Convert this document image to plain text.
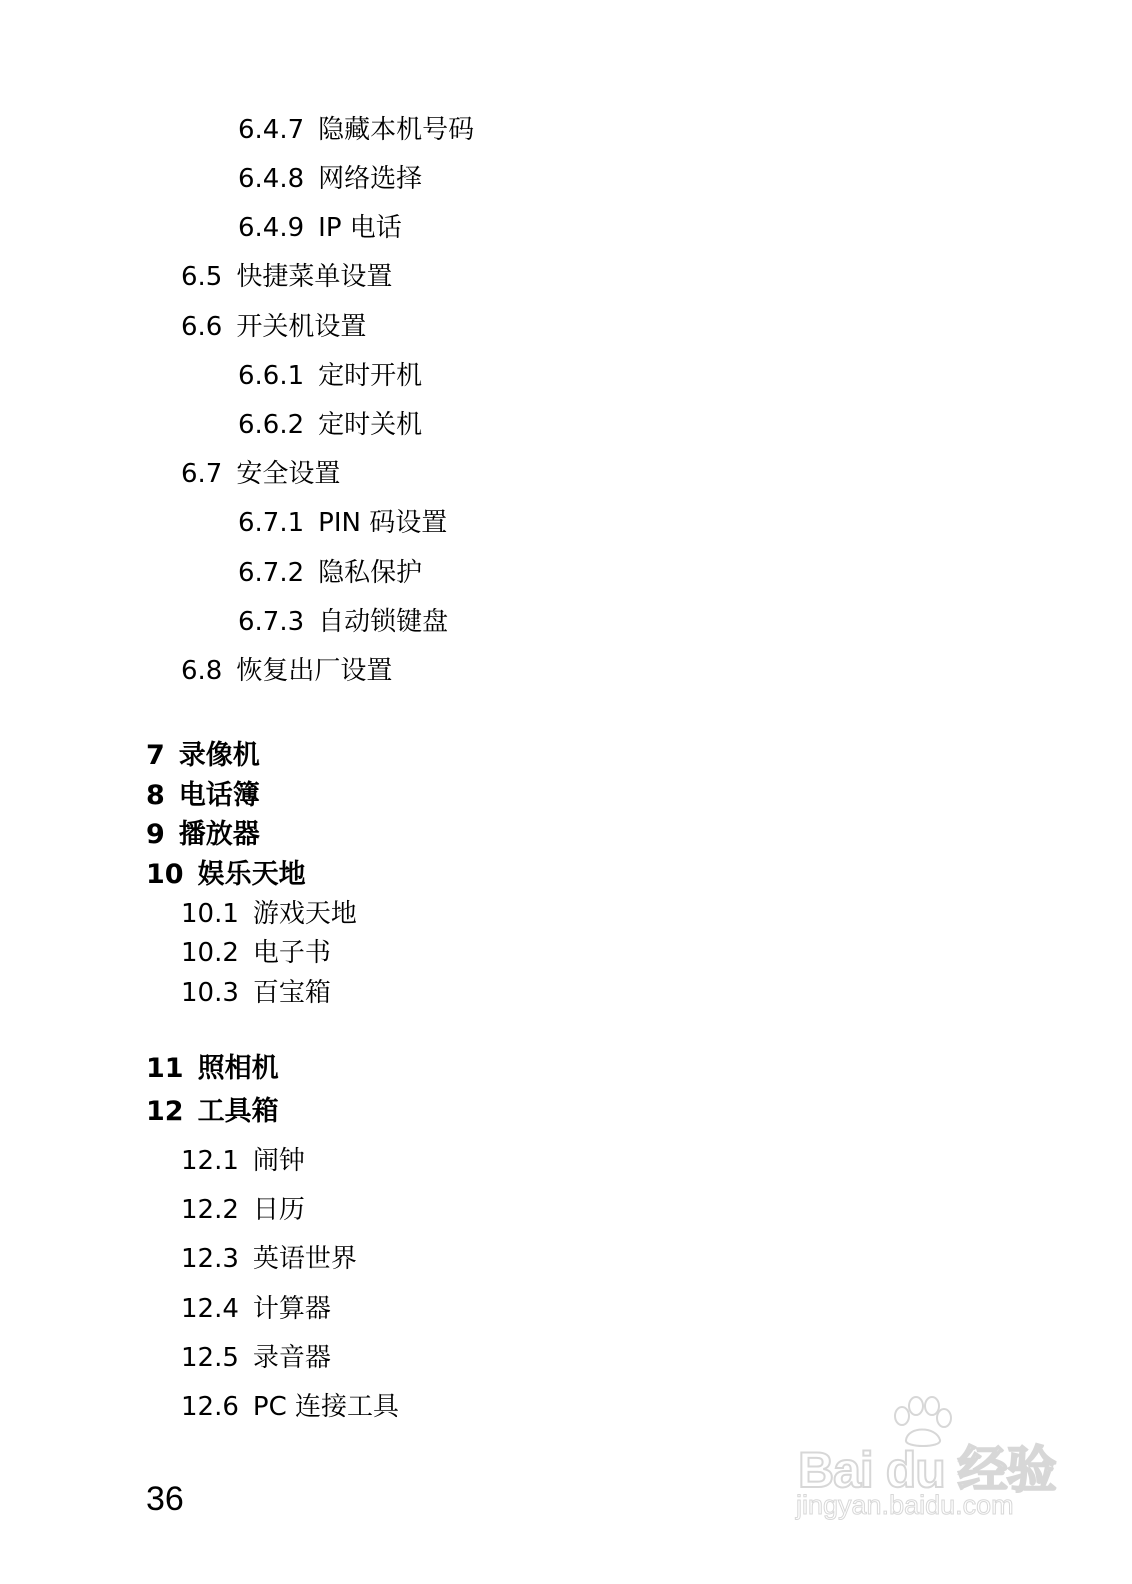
6.4.7 隐藏本机号码
6.4.8 网络选择
6.4.9 IP 电话
6.5 快捷菜单设置
6.6 开关机设置
6.6.1 定时开机
6.6.2 定时关机
6.7 安全设置
6.7.1 PIN 码设置
6.7.2 隐私保护
6.7.3 自动锁键盘
6.8 恢复出厂设置
7 录像机
8 电话簿
9 播放器
10 娱乐天地
10.1 游戏天地
10.2 电子书
10.3 百宝箱
11 照相机
12 工具箱
12.1 闹钟
12.2 日历
12.3 英语世界
12.4 计算器
12.5 录音器
12.6 PC 连接工具
36
Bai du 经验
jingyan.baidu.com
